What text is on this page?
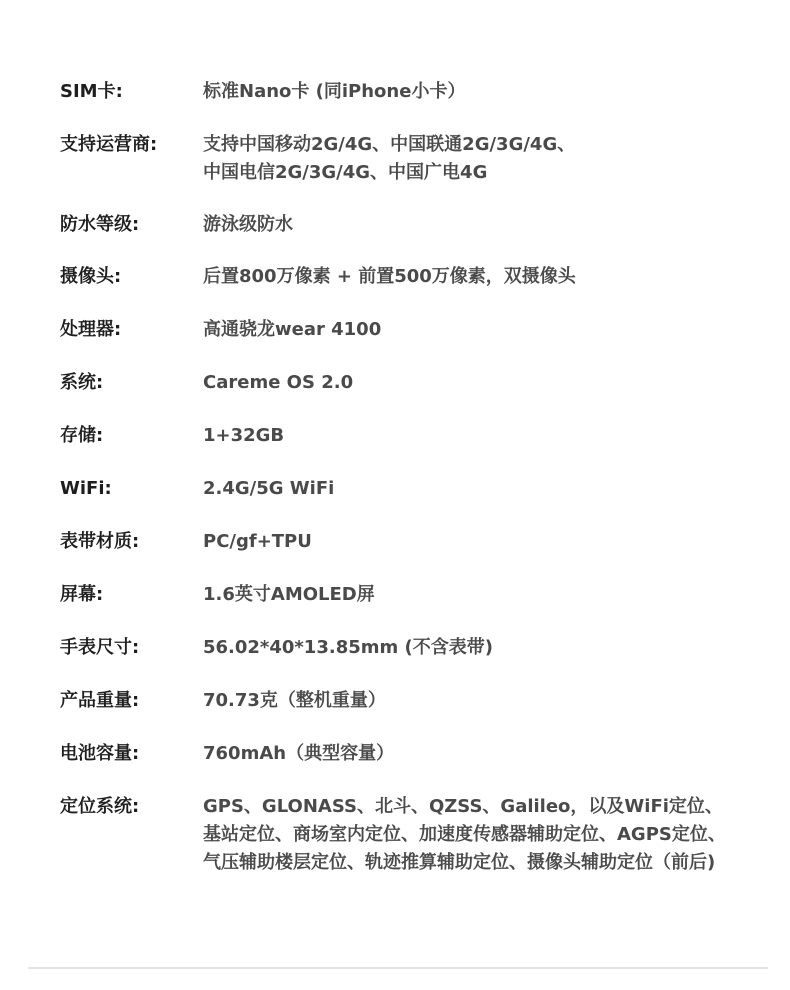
SIM卡:	标准Nano卡 (同iPhone小卡）
支持运营商:	支持中国移动2G/4G、中国联通2G/3G/4G、
中国电信2G/3G/4G、中国广电4G
防水等级:	游泳级防水
摄像头:	后置800万像素 + 前置500万像素，双摄像头
处理器:	高通骁龙wear 4100
系统:	Careme OS 2.0
存储:	1+32GB
WiFi:	2.4G/5G WiFi
表带材质:	PC/gf+TPU
屏幕:	1.6英寸AMOLED屏
手表尺寸:	56.02*40*13.85mm (不含表带)
产品重量:	70.73克（整机重量）
电池容量:	760mAh（典型容量）
定位系统:	GPS、GLONASS、北斗、QZSS、Galileo，以及WiFi定位、
基站定位、商场室内定位、加速度传感器辅助定位、AGPS定位、
气压辅助楼层定位、轨迹推算辅助定位、摄像头辅助定位（前后)
